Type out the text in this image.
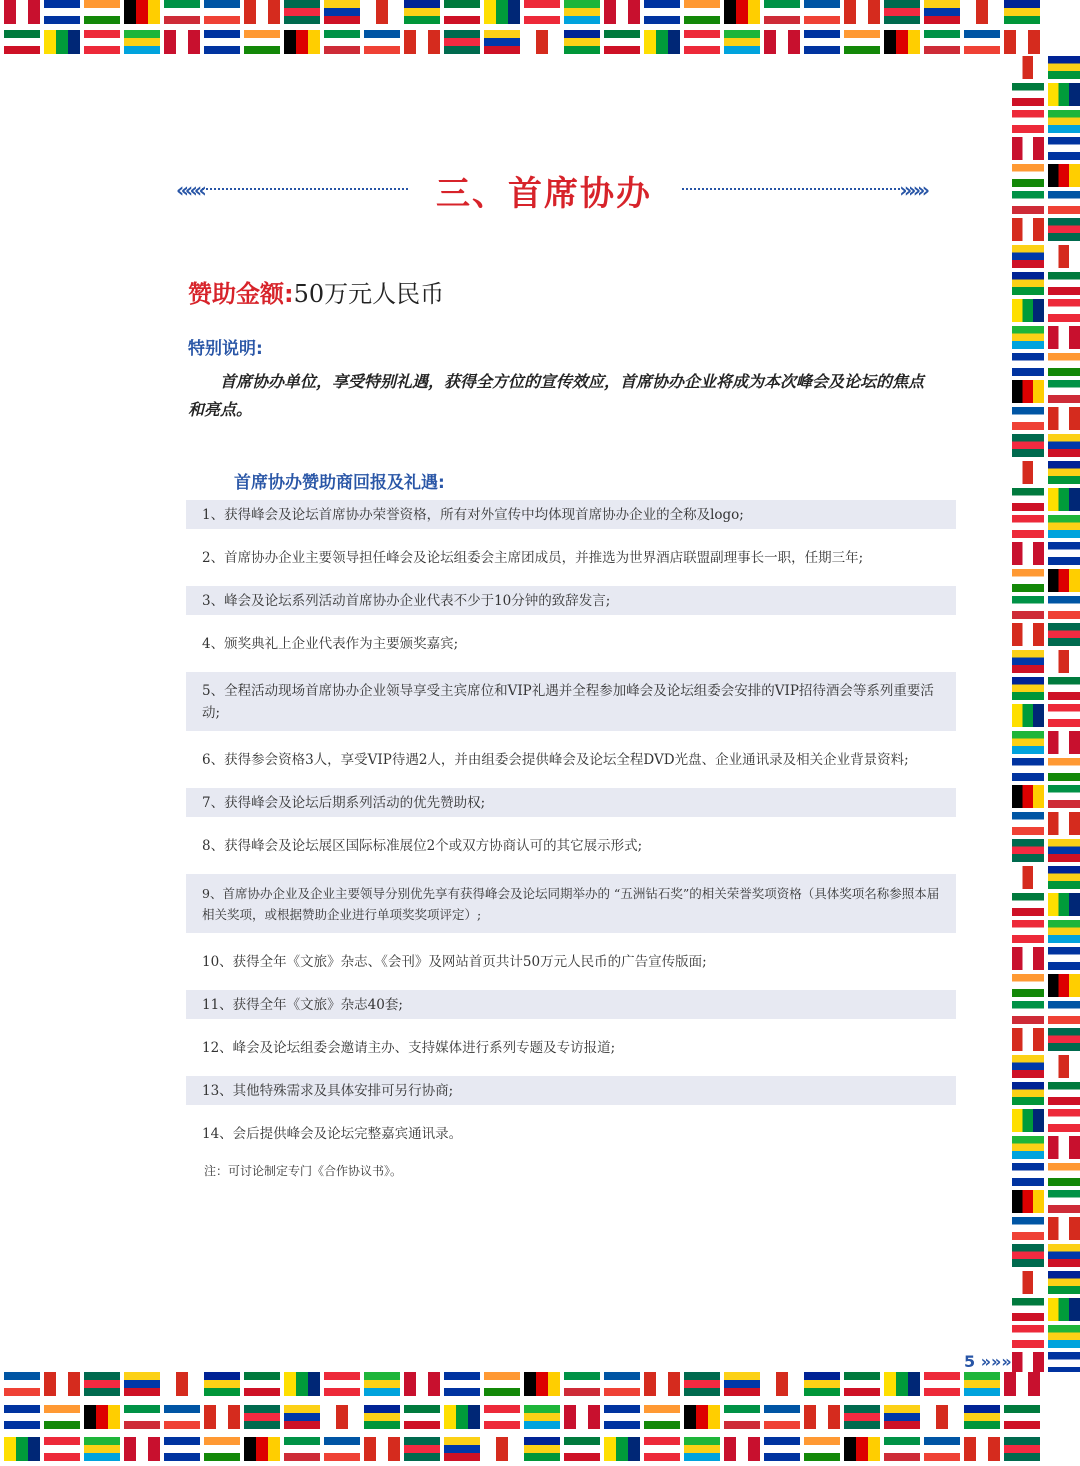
«««	三、首席协办	»»»
赞助金额:50万元人民币
特别说明:
首席协办单位，享受特别礼遇，获得全方位的宣传效应，首席协办企业将成为本次峰会及论坛的焦点和亮点。
首席协办赞助商回报及礼遇:
1、获得峰会及论坛首席协办荣誉资格，所有对外宣传中均体现首席协办企业的全称及logo;
2、首席协办企业主要领导担任峰会及论坛组委会主席团成员，并推选为世界酒店联盟副理事长一职，任期三年;
3、峰会及论坛系列活动首席协办企业代表不少于10分钟的致辞发言;
4、颁奖典礼上企业代表作为主要颁奖嘉宾;
5、全程活动现场首席协办企业领导享受主宾席位和VIP礼遇并全程参加峰会及论坛组委会安排的VIP招待酒会等系列重要活动;
6、获得参会资格3人，享受VIP待遇2人，并由组委会提供峰会及论坛全程DVD光盘、企业通讯录及相关企业背景资料;
7、获得峰会及论坛后期系列活动的优先赞助权;
8、获得峰会及论坛展区国际标准展位2个或双方协商认可的其它展示形式;
9、首席协办企业及企业主要领导分别优先享有获得峰会及论坛同期举办的 “五洲钻石奖”的相关荣誉奖项资格（具体奖项名称参照本届相关奖项，或根据赞助企业进行单项奖奖项评定）;
10、获得全年《文旅》杂志、《会刊》及网站首页共计50万元人民币的广告宣传版面;
11、获得全年《文旅》杂志40套;
12、峰会及论坛组委会邀请主办、支持媒体进行系列专题及专访报道;
13、其他特殊需求及具体安排可另行协商;
14、会后提供峰会及论坛完整嘉宾通讯录。
注：可讨论制定专门《合作协议书》。
5 »»»
